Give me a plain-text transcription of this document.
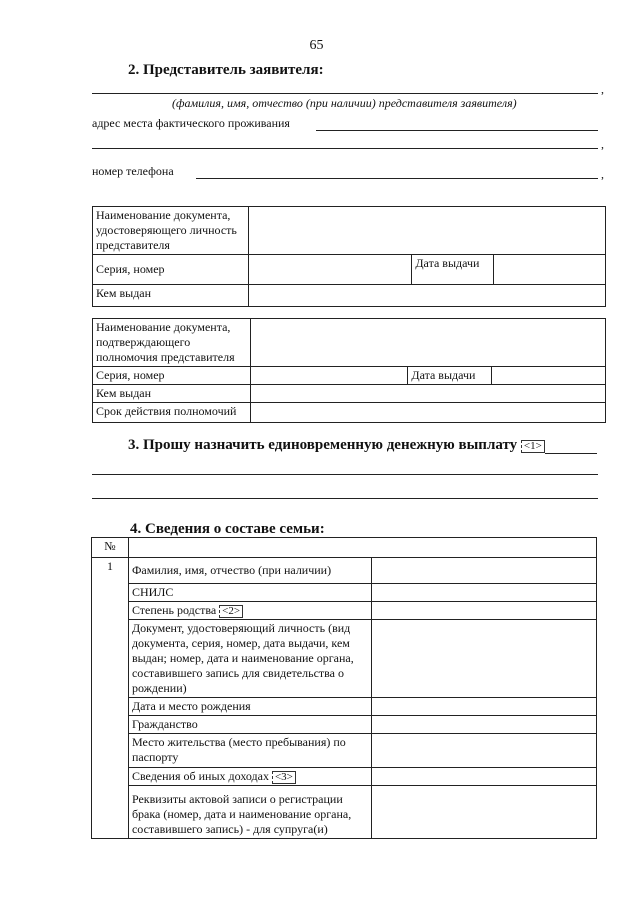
65
2. Представитель заявителя:
,
(фамилия, имя, отчество (при наличии) представителя заявителя)
адрес места фактического проживания
,
номер телефона	,
Наименование документа, удостоверяющего личность представителя			
Серия, номер		Дата выдачи	
Кем выдан			
Наименование документа, подтверждающего полномочия представителя			
Серия, номер		Дата выдачи	
Кем выдан			
Срок действия полномочий			
3. Прошу назначить единовременную денежную выплату <1>
4. Сведения о составе семьи:
№		
1	Фамилия, имя, отчество (при наличии)	
	СНИЛС	
	Степень родства <2>	
	Документ, удостоверяющий личность (вид документа, серия, номер, дата выдачи, кем выдан; номер, дата и наименование органа, составившего запись для свидетельства о рождении)	
	Дата и место рождения	
	Гражданство	
	Место жительства (место пребывания) по паспорту	
	Сведения об иных доходах <3>	
	Реквизиты актовой записи о регистрации брака (номер, дата и наименование органа, составившего запись) - для супруга(и)	
